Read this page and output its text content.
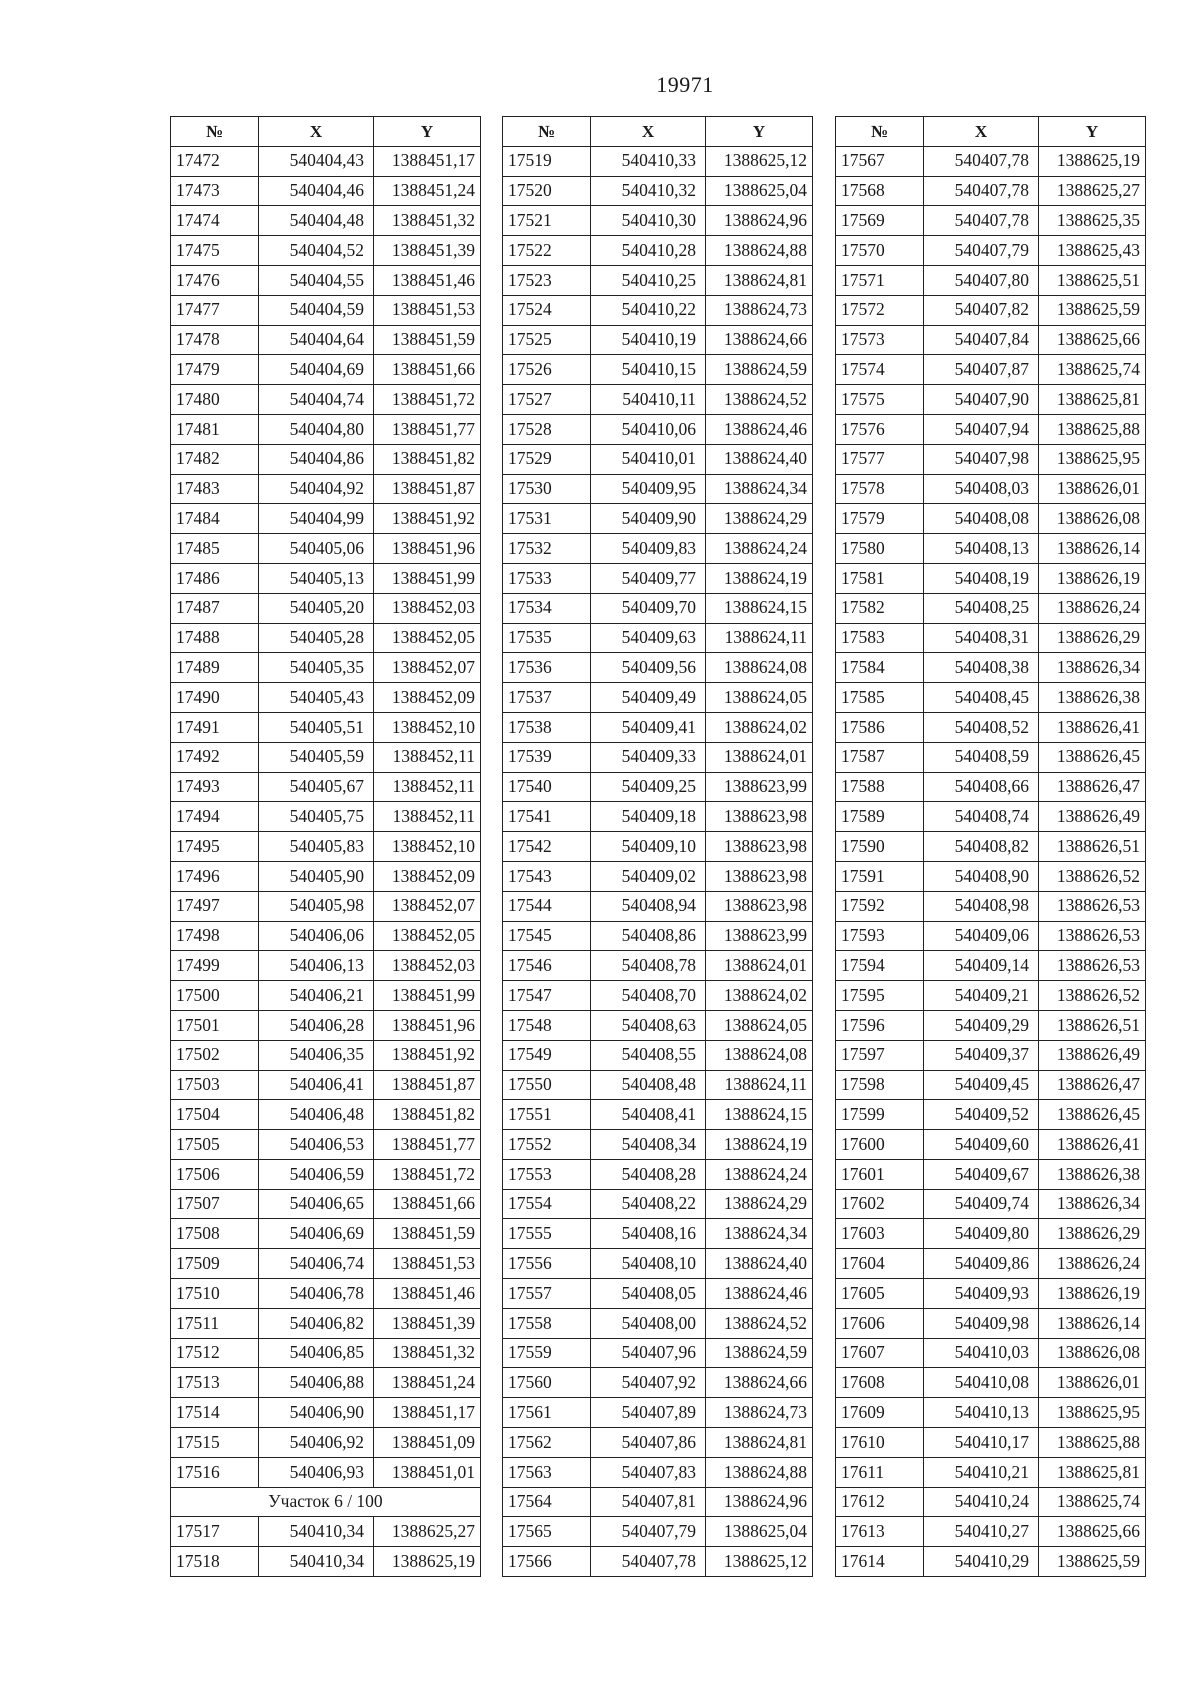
19971
№	X	Y
17472	540404,43	1388451,17
17473	540404,46	1388451,24
17474	540404,48	1388451,32
17475	540404,52	1388451,39
17476	540404,55	1388451,46
17477	540404,59	1388451,53
17478	540404,64	1388451,59
17479	540404,69	1388451,66
17480	540404,74	1388451,72
17481	540404,80	1388451,77
17482	540404,86	1388451,82
17483	540404,92	1388451,87
17484	540404,99	1388451,92
17485	540405,06	1388451,96
17486	540405,13	1388451,99
17487	540405,20	1388452,03
17488	540405,28	1388452,05
17489	540405,35	1388452,07
17490	540405,43	1388452,09
17491	540405,51	1388452,10
17492	540405,59	1388452,11
17493	540405,67	1388452,11
17494	540405,75	1388452,11
17495	540405,83	1388452,10
17496	540405,90	1388452,09
17497	540405,98	1388452,07
17498	540406,06	1388452,05
17499	540406,13	1388452,03
17500	540406,21	1388451,99
17501	540406,28	1388451,96
17502	540406,35	1388451,92
17503	540406,41	1388451,87
17504	540406,48	1388451,82
17505	540406,53	1388451,77
17506	540406,59	1388451,72
17507	540406,65	1388451,66
17508	540406,69	1388451,59
17509	540406,74	1388451,53
17510	540406,78	1388451,46
17511	540406,82	1388451,39
17512	540406,85	1388451,32
17513	540406,88	1388451,24
17514	540406,90	1388451,17
17515	540406,92	1388451,09
17516	540406,93	1388451,01
Участок 6 / 100		
17517	540410,34	1388625,27
17518	540410,34	1388625,19
№	X	Y
17519	540410,33	1388625,12
17520	540410,32	1388625,04
17521	540410,30	1388624,96
17522	540410,28	1388624,88
17523	540410,25	1388624,81
17524	540410,22	1388624,73
17525	540410,19	1388624,66
17526	540410,15	1388624,59
17527	540410,11	1388624,52
17528	540410,06	1388624,46
17529	540410,01	1388624,40
17530	540409,95	1388624,34
17531	540409,90	1388624,29
17532	540409,83	1388624,24
17533	540409,77	1388624,19
17534	540409,70	1388624,15
17535	540409,63	1388624,11
17536	540409,56	1388624,08
17537	540409,49	1388624,05
17538	540409,41	1388624,02
17539	540409,33	1388624,01
17540	540409,25	1388623,99
17541	540409,18	1388623,98
17542	540409,10	1388623,98
17543	540409,02	1388623,98
17544	540408,94	1388623,98
17545	540408,86	1388623,99
17546	540408,78	1388624,01
17547	540408,70	1388624,02
17548	540408,63	1388624,05
17549	540408,55	1388624,08
17550	540408,48	1388624,11
17551	540408,41	1388624,15
17552	540408,34	1388624,19
17553	540408,28	1388624,24
17554	540408,22	1388624,29
17555	540408,16	1388624,34
17556	540408,10	1388624,40
17557	540408,05	1388624,46
17558	540408,00	1388624,52
17559	540407,96	1388624,59
17560	540407,92	1388624,66
17561	540407,89	1388624,73
17562	540407,86	1388624,81
17563	540407,83	1388624,88
17564	540407,81	1388624,96
17565	540407,79	1388625,04
17566	540407,78	1388625,12
№	X	Y
17567	540407,78	1388625,19
17568	540407,78	1388625,27
17569	540407,78	1388625,35
17570	540407,79	1388625,43
17571	540407,80	1388625,51
17572	540407,82	1388625,59
17573	540407,84	1388625,66
17574	540407,87	1388625,74
17575	540407,90	1388625,81
17576	540407,94	1388625,88
17577	540407,98	1388625,95
17578	540408,03	1388626,01
17579	540408,08	1388626,08
17580	540408,13	1388626,14
17581	540408,19	1388626,19
17582	540408,25	1388626,24
17583	540408,31	1388626,29
17584	540408,38	1388626,34
17585	540408,45	1388626,38
17586	540408,52	1388626,41
17587	540408,59	1388626,45
17588	540408,66	1388626,47
17589	540408,74	1388626,49
17590	540408,82	1388626,51
17591	540408,90	1388626,52
17592	540408,98	1388626,53
17593	540409,06	1388626,53
17594	540409,14	1388626,53
17595	540409,21	1388626,52
17596	540409,29	1388626,51
17597	540409,37	1388626,49
17598	540409,45	1388626,47
17599	540409,52	1388626,45
17600	540409,60	1388626,41
17601	540409,67	1388626,38
17602	540409,74	1388626,34
17603	540409,80	1388626,29
17604	540409,86	1388626,24
17605	540409,93	1388626,19
17606	540409,98	1388626,14
17607	540410,03	1388626,08
17608	540410,08	1388626,01
17609	540410,13	1388625,95
17610	540410,17	1388625,88
17611	540410,21	1388625,81
17612	540410,24	1388625,74
17613	540410,27	1388625,66
17614	540410,29	1388625,59
